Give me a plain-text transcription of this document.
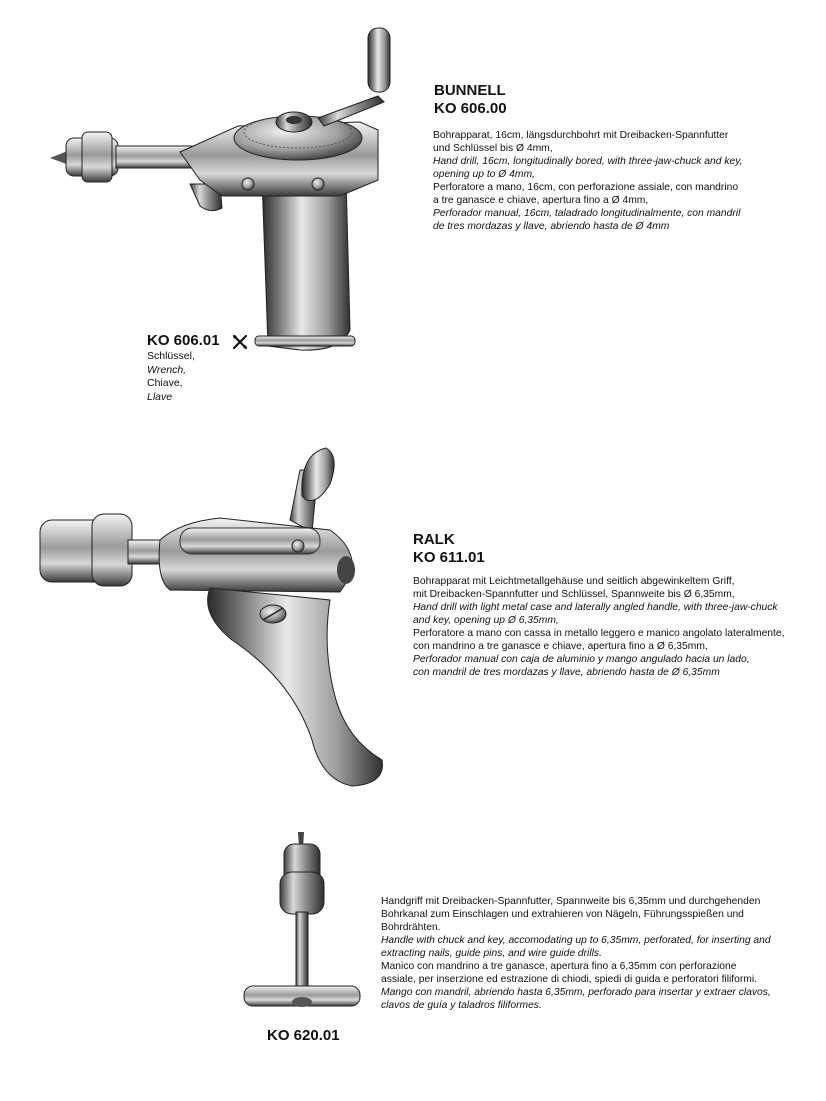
BUNNELL
KO 606.00
Bohrapparat, 16cm, längsdurchbohrt mit Dreibacken-Spannfutter
und Schlüssel bis Ø 4mm,
Hand drill, 16cm, longitudinally bored, with three-jaw-chuck and key,
opening up to Ø 4mm,
Perforatore a mano, 16cm, con perforazione assiale, con mandrino
a tre ganasce e chiave, apertura fino a Ø 4mm,
Perforador manual, 16cm, taladrado longitudinalmente, con mandril
de tres mordazas y llave, abriendo hasta de Ø 4mm
KO 606.01
Schlüssel,
Wrench,
Chiave,
Llave
RALK
KO 611.01
Bohrapparat mit Leichtmetallgehäuse und seitlich abgewinkeltem Griff,
mit Dreibacken-Spannfutter und Schlüssel, Spannweite bis Ø 6,35mm,
Hand drill with light metal case and laterally angled handle, with three-jaw-chuck
and key, opening up Ø 6,35mm,
Perforatore a mano con cassa in metallo leggero e manico angolato lateralmente,
con mandrino a tre ganasce e chiave, apertura fino a Ø 6,35mm,
Perforador manual con caja de aluminio y mango angulado hacia un lado,
con mandril de tres mordazas y llave, abriendo hasta de Ø 6,35mm
Handgriff mit Dreibacken-Spannfutter, Spannweite bis 6,35mm und durchgehenden
Bohrkanal zum Einschlagen und extrahieren von Nägeln, Führungsspießen und
Bohrdrähten.
Handle with chuck and key, accomodating up to 6,35mm, perforated, for inserting and
extracting nails, guide pins, and wire guide drills.
Manico con mandrino a tre ganasce, apertura fino a 6,35mm con perforazione
assiale, per inserzione ed estrazione di chiodi, spiedi di guida e perforatori filiformi.
Mango con mandril, abriendo hasta 6,35mm, perforado para insertar y extraer clavos,
clavos de guía y taladros filiformes.
KO 620.01
